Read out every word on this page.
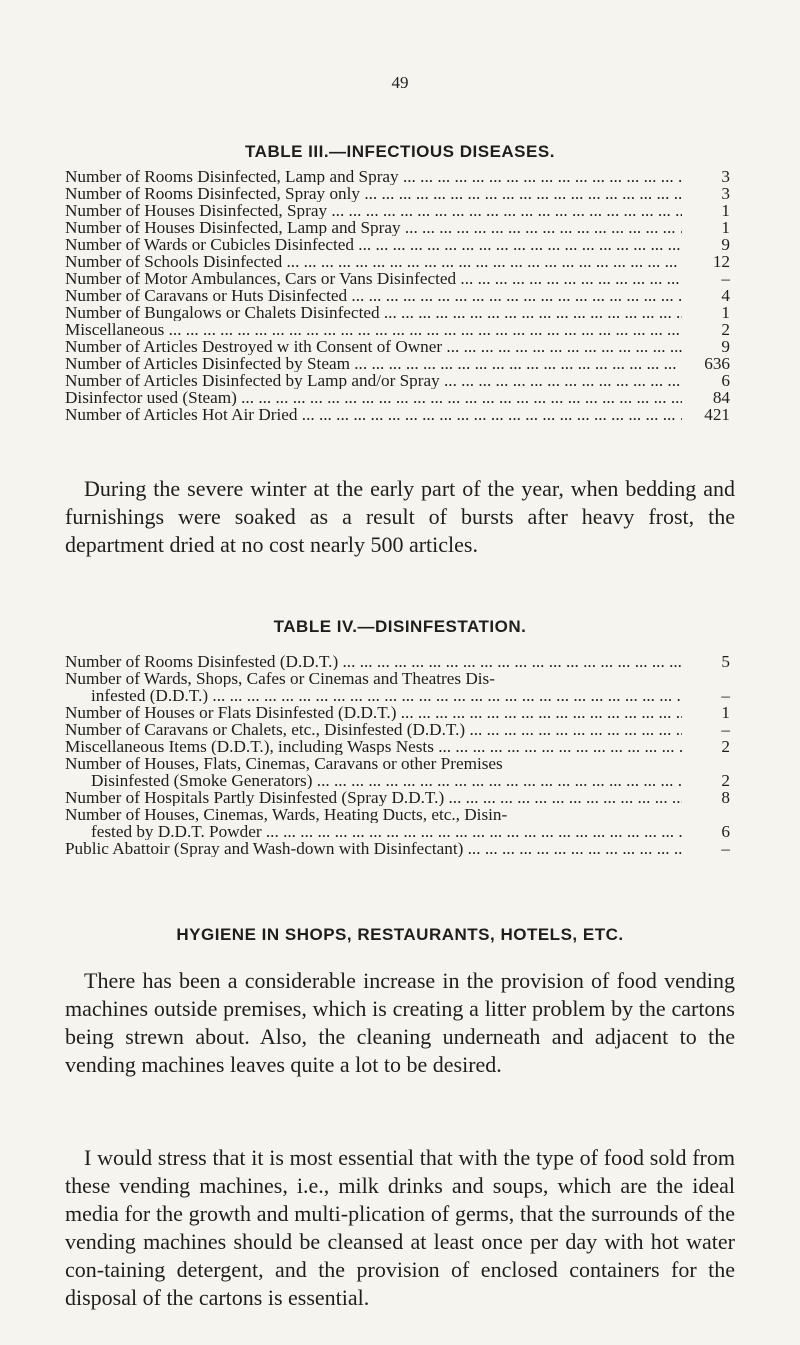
49
TABLE III.—INFECTIOUS DISEASES.
Number of Rooms Disinfected, Lamp and Spray ... .	3
Number of Rooms Disinfected, Spray only ... .	3
Number of Houses Disinfected, Spray ... .	1
Number of Houses Disinfected, Lamp and Spray ... .	1
Number of Wards or Cubicles Disinfected ... .	9
Number of Schools Disinfected ... .	12
Number of Motor Ambulances, Cars or Vans Disinfected ... .	–
Number of Caravans or Huts Disinfected ... .	4
Number of Bungalows or Chalets Disinfected ... .	1
Miscellaneous ... .	2
Number of Articles Destroyed w ith Consent of Owner ... .	9
Number of Articles Disinfected by Steam ... .	636
Number of Articles Disinfected by Lamp and/or Spray ... .	6
Disinfector used (Steam) ... .	84
Number of Articles Hot Air Dried ... .	421

During the severe winter at the early part of the year, when bedding and furnishings were soaked as a result of bursts after heavy frost, the department dried at no cost nearly 500 articles.

TABLE IV.—DISINFESTATION.
Number of Rooms Disinfested (D.D.T.) ... .	5
Number of Wards, Shops, Cafes or Cinemas and Theatres Dis-
infested (D.D.T.) ... .	–
Number of Houses or Flats Disinfested (D.D.T.) ... .	1
Number of Caravans or Chalets, etc., Disinfested (D.D.T.) ... .	–
Miscellaneous Items (D.D.T.), including Wasps Nests ... .	2
Number of Houses, Flats, Cinemas, Caravans or other Premises
Disinfested (Smoke Generators) ... .	2
Number of Hospitals Partly Disinfested (Spray D.D.T.) ... .	8
Number of Houses, Cinemas, Wards, Heating Ducts, etc., Disin-
fested by D.D.T. Powder ... .	6
Public Abattoir (Spray and Wash-down with Disinfectant) ... .	–
HYGIENE IN SHOPS, RESTAURANTS, HOTELS, ETC.

There has been a considerable increase in the provision of food vending machines outside premises, which is creating a litter problem by the cartons being strewn about. Also, the cleaning underneath and adjacent to the vending machines leaves quite a lot to be desired.

I would stress that it is most essential that with the type of food sold from these vending machines, i.e., milk drinks and soups, which are the ideal media for the growth and multi-plication of germs, that the surrounds of the vending machines should be cleansed at least once per day with hot water con-taining detergent, and the provision of enclosed containers for the disposal of the cartons is essential.
